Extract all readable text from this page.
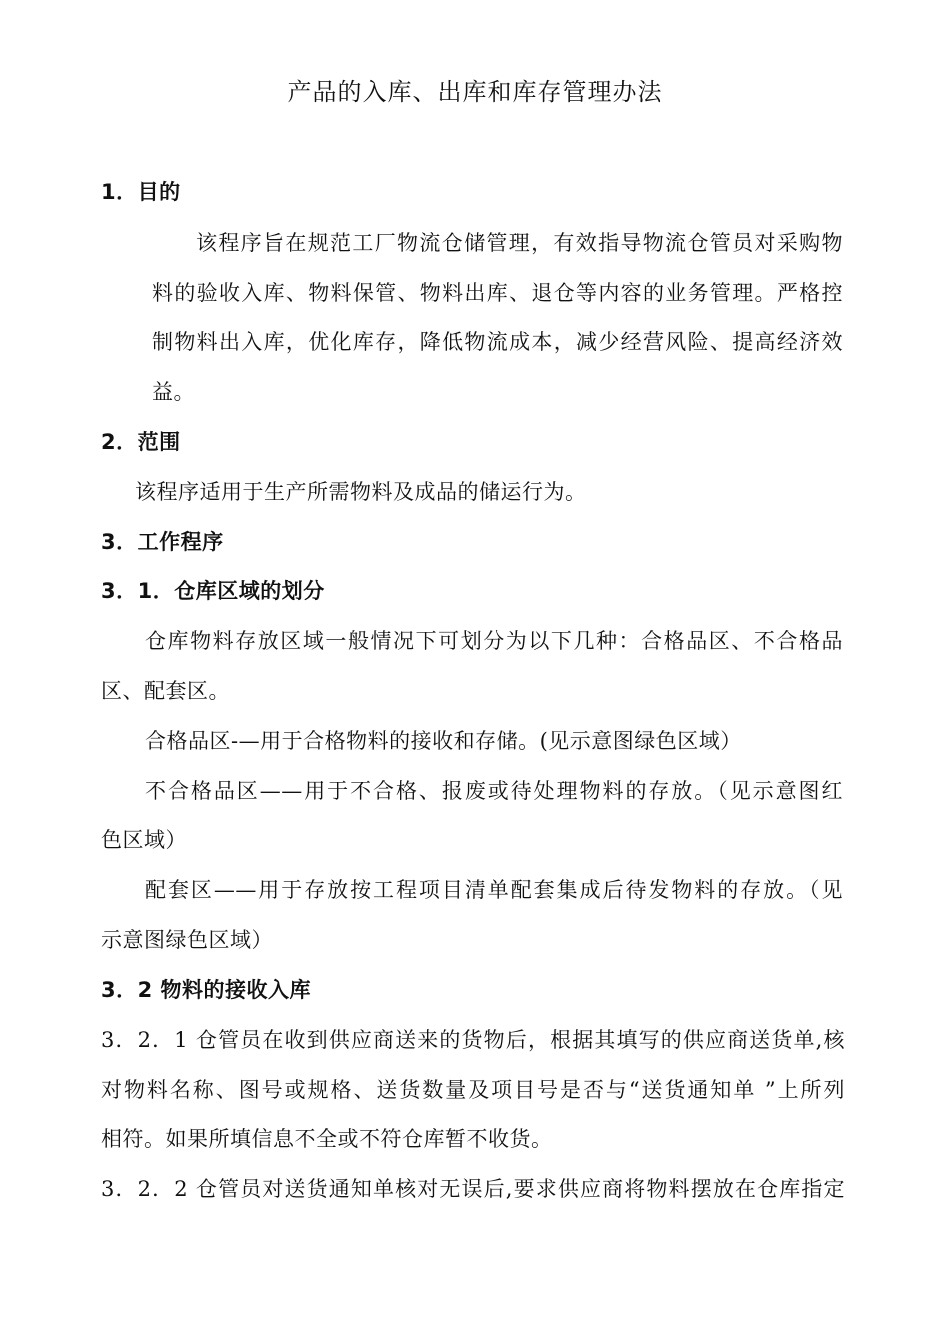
产品的入库、出库和库存管理办法
1．目的
该程序旨在规范工厂物流仓储管理，有效指导物流仓管员对采购物
料的验收入库、物料保管、物料出库、退仓等内容的业务管理。严格控
制物料出入库，优化库存，降低物流成本，减少经营风险、提高经济效
益。
2．范围
该程序适用于生产所需物料及成品的储运行为。
3．工作程序
3．1．仓库区域的划分
仓库物料存放区域一般情况下可划分为以下几种：合格品区、不合格品
区、配套区。
合格品区-—用于合格物料的接收和存储。(见示意图绿色区域）
不合格品区——用于不合格、报废或待处理物料的存放。（见示意图红
色区域）
配套区——用于存放按工程项目清单配套集成后待发物料的存放。（见
示意图绿色区域）
3．2 物料的接收入库
3．2．1 仓管员在收到供应商送来的货物后，根据其填写的供应商送货单,核
对物料名称、图号或规格、送货数量及项目号是否与“送货通知单 ”上所列
相符。如果所填信息不全或不符仓库暂不收货。
3．2．2 仓管员对送货通知单核对无误后,要求供应商将物料摆放在仓库指定
